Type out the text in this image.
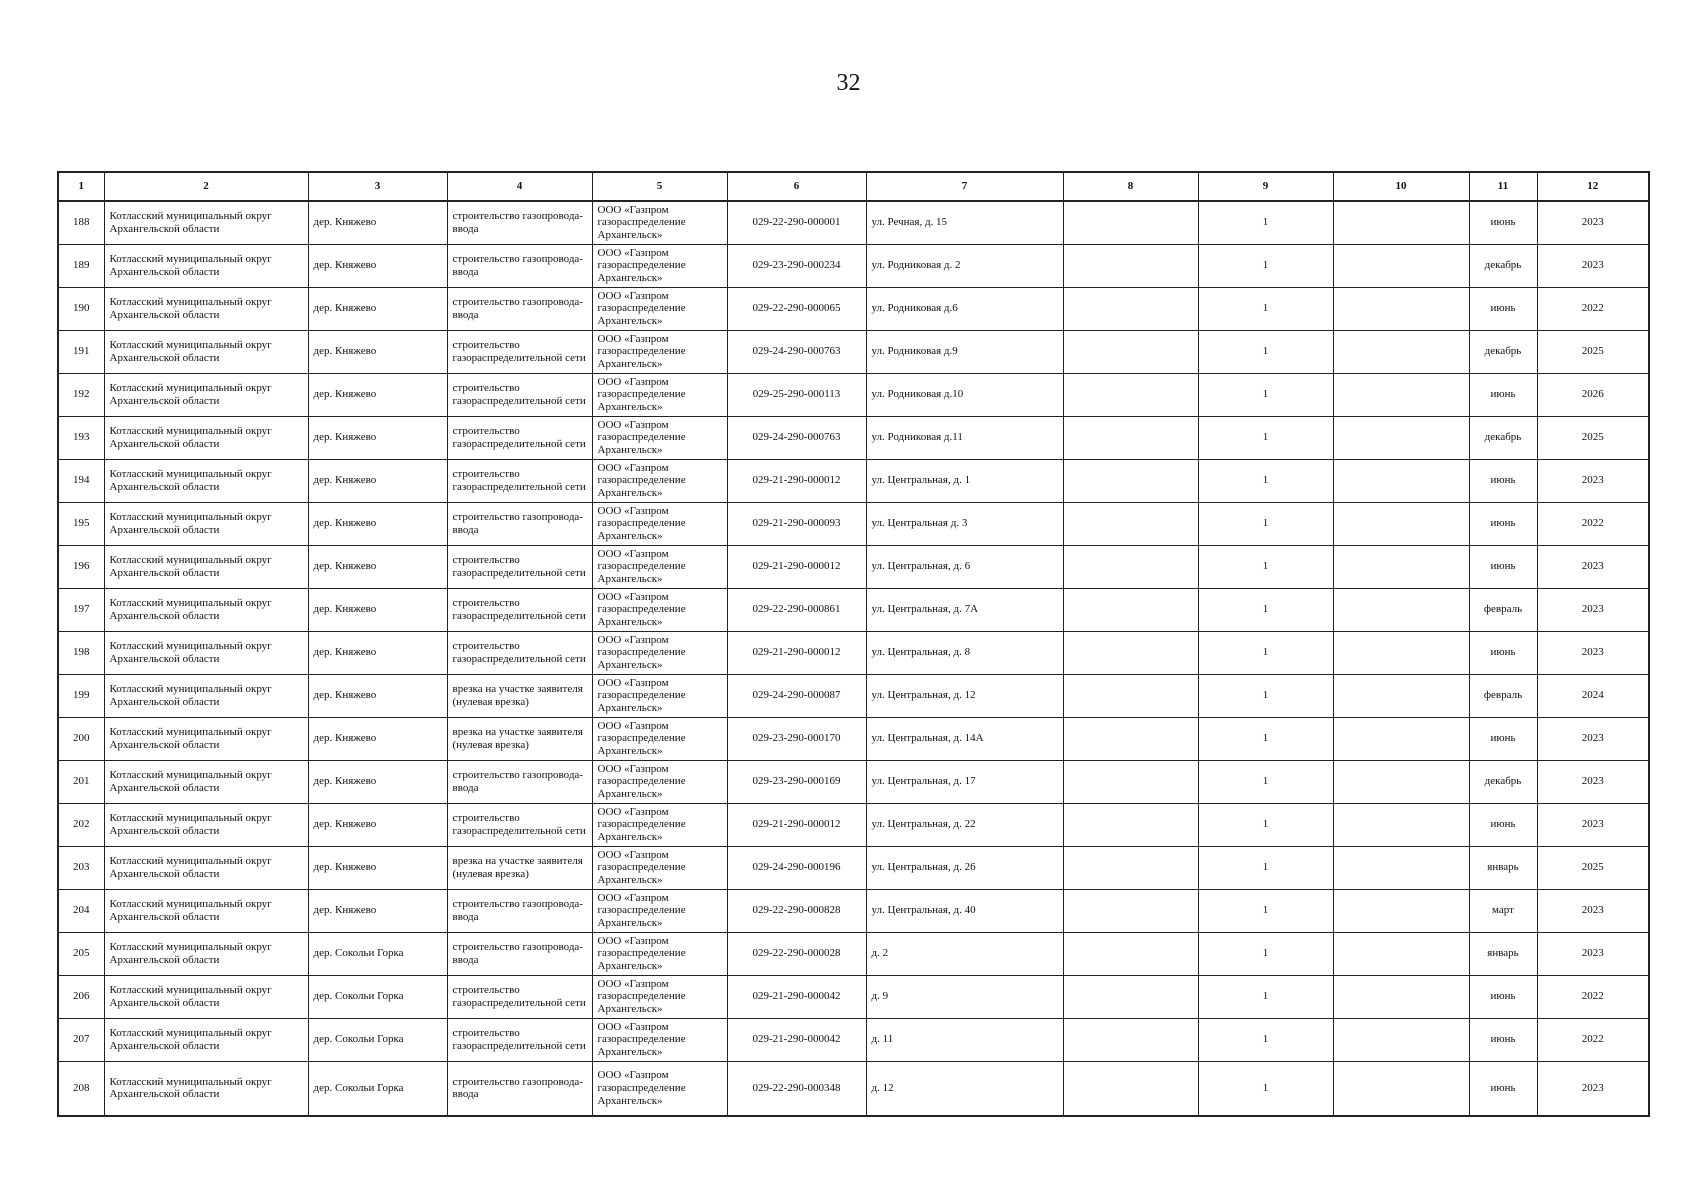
32
1	2	3	4	5	6	7	8	9	10	11	12
188	Котласский муниципальный округ Архангельской области	дер. Княжево	строительство газопровода-ввода	ООО «Газпром газораспределение Архангельск»	029-22-290-000001	ул. Речная, д. 15		1		июнь	2023
189	Котласский муниципальный округ Архангельской области	дер. Княжево	строительство газопровода-ввода	ООО «Газпром газораспределение Архангельск»	029-23-290-000234	ул. Родниковая д. 2		1		декабрь	2023
190	Котласский муниципальный округ Архангельской области	дер. Княжево	строительство газопровода-ввода	ООО «Газпром газораспределение Архангельск»	029-22-290-000065	ул. Родниковая д.6		1		июнь	2022
191	Котласский муниципальный округ Архангельской области	дер. Княжево	строительство газораспределительной сети	ООО «Газпром газораспределение Архангельск»	029-24-290-000763	ул. Родниковая д.9		1		декабрь	2025
192	Котласский муниципальный округ Архангельской области	дер. Княжево	строительство газораспределительной сети	ООО «Газпром газораспределение Архангельск»	029-25-290-000113	ул. Родниковая д.10		1		июнь	2026
193	Котласский муниципальный округ Архангельской области	дер. Княжево	строительство газораспределительной сети	ООО «Газпром газораспределение Архангельск»	029-24-290-000763	ул. Родниковая д.11		1		декабрь	2025
194	Котласский муниципальный округ Архангельской области	дер. Княжево	строительство газораспределительной сети	ООО «Газпром газораспределение Архангельск»	029-21-290-000012	ул. Центральная, д. 1		1		июнь	2023
195	Котласский муниципальный округ Архангельской области	дер. Княжево	строительство газопровода-ввода	ООО «Газпром газораспределение Архангельск»	029-21-290-000093	ул. Центральная д. 3		1		июнь	2022
196	Котласский муниципальный округ Архангельской области	дер. Княжево	строительство газораспределительной сети	ООО «Газпром газораспределение Архангельск»	029-21-290-000012	ул. Центральная, д. 6		1		июнь	2023
197	Котласский муниципальный округ Архангельской области	дер. Княжево	строительство газораспределительной сети	ООО «Газпром газораспределение Архангельск»	029-22-290-000861	ул. Центральная, д. 7А		1		февраль	2023
198	Котласский муниципальный округ Архангельской области	дер. Княжево	строительство газораспределительной сети	ООО «Газпром газораспределение Архангельск»	029-21-290-000012	ул. Центральная, д. 8		1		июнь	2023
199	Котласский муниципальный округ Архангельской области	дер. Княжево	врезка на участке заявителя (нулевая врезка)	ООО «Газпром газораспределение Архангельск»	029-24-290-000087	ул. Центральная, д. 12		1		февраль	2024
200	Котласский муниципальный округ Архангельской области	дер. Княжево	врезка на участке заявителя (нулевая врезка)	ООО «Газпром газораспределение Архангельск»	029-23-290-000170	ул. Центральная, д. 14А		1		июнь	2023
201	Котласский муниципальный округ Архангельской области	дер. Княжево	строительство газопровода-ввода	ООО «Газпром газораспределение Архангельск»	029-23-290-000169	ул. Центральная, д. 17		1		декабрь	2023
202	Котласский муниципальный округ Архангельской области	дер. Княжево	строительство газораспределительной сети	ООО «Газпром газораспределение Архангельск»	029-21-290-000012	ул. Центральная, д. 22		1		июнь	2023
203	Котласский муниципальный округ Архангельской области	дер. Княжево	врезка на участке заявителя (нулевая врезка)	ООО «Газпром газораспределение Архангельск»	029-24-290-000196	ул. Центральная, д. 26		1		январь	2025
204	Котласский муниципальный округ Архангельской области	дер. Княжево	строительство газопровода-ввода	ООО «Газпром газораспределение Архангельск»	029-22-290-000828	ул. Центральная, д. 40		1		март	2023
205	Котласский муниципальный округ Архангельской области	дер. Сокольи Горка	строительство газопровода-ввода	ООО «Газпром газораспределение Архангельск»	029-22-290-000028	д. 2		1		январь	2023
206	Котласский муниципальный округ Архангельской области	дер. Сокольи Горка	строительство газораспределительной сети	ООО «Газпром газораспределение Архангельск»	029-21-290-000042	д. 9		1		июнь	2022
207	Котласский муниципальный округ Архангельской области	дер. Сокольи Горка	строительство газораспределительной сети	ООО «Газпром газораспределение Архангельск»	029-21-290-000042	д. 11		1		июнь	2022
208	Котласский муниципальный округ Архангельской области	дер. Сокольи Горка	строительство газопровода-ввода	ООО «Газпром газораспределение Архангельск»	029-22-290-000348	д. 12		1		июнь	2023
